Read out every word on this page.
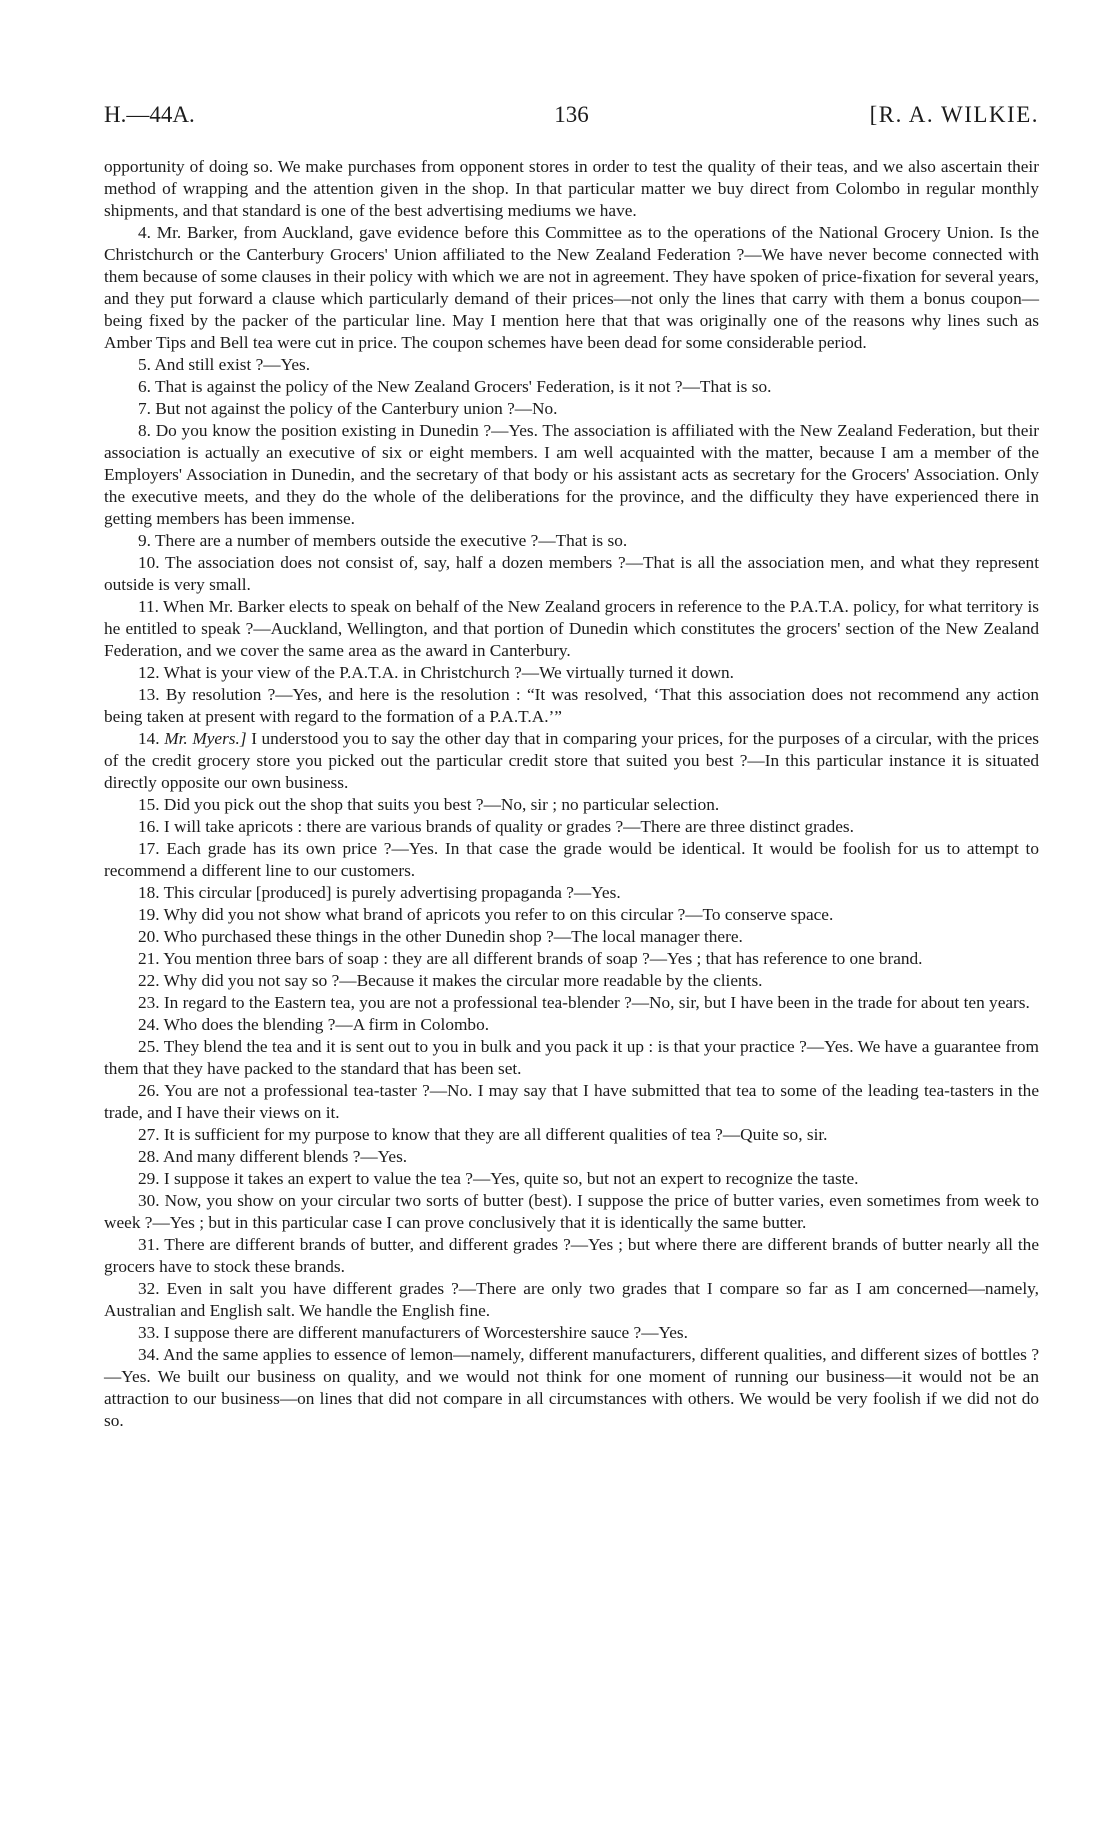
H.—44A.	136	[R. A. WILKIE.

opportunity of doing so. We make purchases from opponent stores in order to test the quality of their teas, and we also ascertain their method of wrapping and the attention given in the shop. In that particular matter we buy direct from Colombo in regular monthly shipments, and that standard is one of the best advertising mediums we have.

4. Mr. Barker, from Auckland, gave evidence before this Committee as to the operations of the National Grocery Union. Is the Christchurch or the Canterbury Grocers' Union affiliated to the New Zealand Federation ?—We have never become connected with them because of some clauses in their policy with which we are not in agreement. They have spoken of price-fixation for several years, and they put forward a clause which particularly demand of their prices—not only the lines that carry with them a bonus coupon—being fixed by the packer of the particular line. May I mention here that that was originally one of the reasons why lines such as Amber Tips and Bell tea were cut in price. The coupon schemes have been dead for some considerable period.

5. And still exist ?—Yes.

6. That is against the policy of the New Zealand Grocers' Federation, is it not ?—That is so.

7. But not against the policy of the Canterbury union ?—No.

8. Do you know the position existing in Dunedin ?—Yes. The association is affiliated with the New Zealand Federation, but their association is actually an executive of six or eight members. I am well acquainted with the matter, because I am a member of the Employers' Association in Dunedin, and the secretary of that body or his assistant acts as secretary for the Grocers' Association. Only the executive meets, and they do the whole of the deliberations for the province, and the difficulty they have experienced there in getting members has been immense.

9. There are a number of members outside the executive ?—That is so.

10. The association does not consist of, say, half a dozen members ?—That is all the association men, and what they represent outside is very small.

11. When Mr. Barker elects to speak on behalf of the New Zealand grocers in reference to the P.A.T.A. policy, for what territory is he entitled to speak ?—Auckland, Wellington, and that portion of Dunedin which constitutes the grocers' section of the New Zealand Federation, and we cover the same area as the award in Canterbury.

12. What is your view of the P.A.T.A. in Christchurch ?—We virtually turned it down.

13. By resolution ?—Yes, and here is the resolution : “It was resolved, ‘That this association does not recommend any action being taken at present with regard to the formation of a P.A.T.A.’”

14. Mr. Myers.] I understood you to say the other day that in comparing your prices, for the purposes of a circular, with the prices of the credit grocery store you picked out the particular credit store that suited you best ?—In this particular instance it is situated directly opposite our own business.

15. Did you pick out the shop that suits you best ?—No, sir ; no particular selection.

16. I will take apricots : there are various brands of quality or grades ?—There are three distinct grades.

17. Each grade has its own price ?—Yes. In that case the grade would be identical. It would be foolish for us to attempt to recommend a different line to our customers.

18. This circular [produced] is purely advertising propaganda ?—Yes.

19. Why did you not show what brand of apricots you refer to on this circular ?—To conserve space.

20. Who purchased these things in the other Dunedin shop ?—The local manager there.

21. You mention three bars of soap : they are all different brands of soap ?—Yes ; that has reference to one brand.

22. Why did you not say so ?—Because it makes the circular more readable by the clients.

23. In regard to the Eastern tea, you are not a professional tea-blender ?—No, sir, but I have been in the trade for about ten years.

24. Who does the blending ?—A firm in Colombo.

25. They blend the tea and it is sent out to you in bulk and you pack it up : is that your practice ?—Yes. We have a guarantee from them that they have packed to the standard that has been set.

26. You are not a professional tea-taster ?—No. I may say that I have submitted that tea to some of the leading tea-tasters in the trade, and I have their views on it.

27. It is sufficient for my purpose to know that they are all different qualities of tea ?—Quite so, sir.

28. And many different blends ?—Yes.

29. I suppose it takes an expert to value the tea ?—Yes, quite so, but not an expert to recognize the taste.

30. Now, you show on your circular two sorts of butter (best). I suppose the price of butter varies, even sometimes from week to week ?—Yes ; but in this particular case I can prove conclusively that it is identically the same butter.

31. There are different brands of butter, and different grades ?—Yes ; but where there are different brands of butter nearly all the grocers have to stock these brands.

32. Even in salt you have different grades ?—There are only two grades that I compare so far as I am concerned—namely, Australian and English salt. We handle the English fine.

33. I suppose there are different manufacturers of Worcestershire sauce ?—Yes.

34. And the same applies to essence of lemon—namely, different manufacturers, different qualities, and different sizes of bottles ?—Yes. We built our business on quality, and we would not think for one moment of running our business—it would not be an attraction to our business—on lines that did not compare in all circumstances with others. We would be very foolish if we did not do so.
